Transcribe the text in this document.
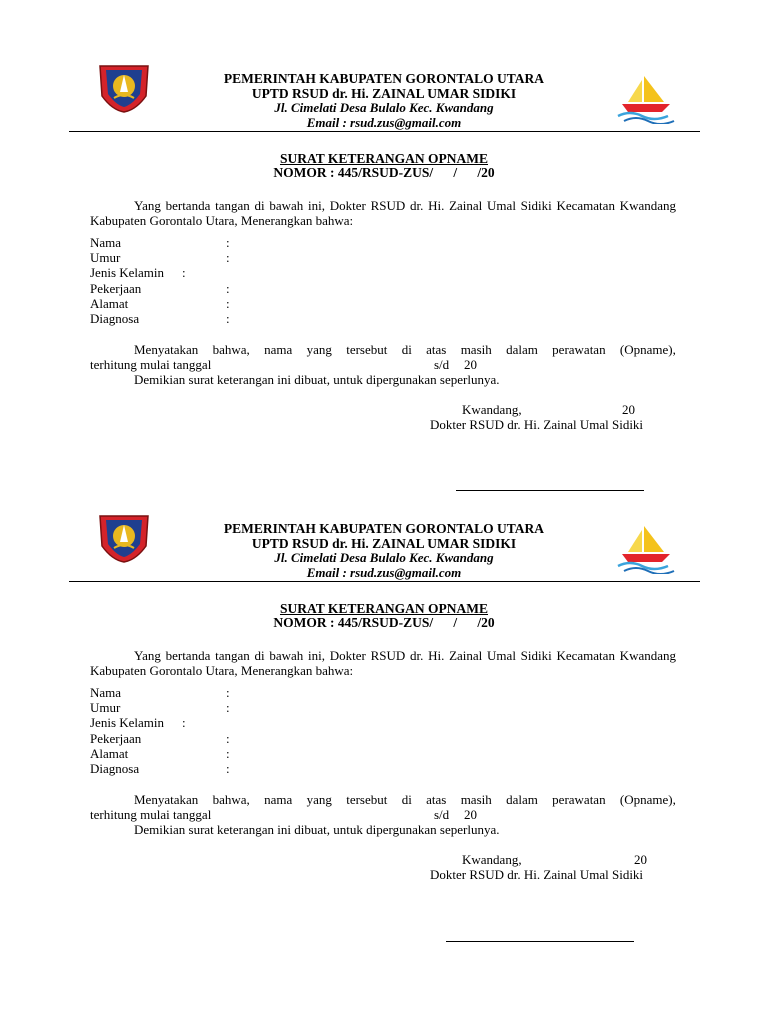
PEMERINTAH KABUPATEN GORONTALO UTARA
UPTD RSUD dr. Hi. ZAINAL UMAR SIDIKI
Jl. Cimelati Desa Bulalo Kec. Kwandang
Email : rsud.zus@gmail.com
SURAT KETERANGAN OPNAME
NOMOR : 445/RSUD-ZUS/      /      /20
Yang bertanda tangan di bawah ini, Dokter RSUD dr. Hi. Zainal Umal Sidiki Kecamatan Kwandang Kabupaten Gorontalo Utara, Menerangkan bahwa:
Nama	:
Umur	:
Jenis Kelamin :
Pekerjaan	:
Alamat	:
Diagnosa	:
Menyatakan bahwa, nama yang tersebut di atas masih dalam perawatan (Opname),
terhitung mulai tanggal	s/d 20
Demikian surat keterangan ini dibuat, untuk dipergunakan seperlunya.
Kwandang,	20
Dokter RSUD dr. Hi. Zainal Umal Sidiki
PEMERINTAH KABUPATEN GORONTALO UTARA
UPTD RSUD dr. Hi. ZAINAL UMAR SIDIKI
Jl. Cimelati Desa Bulalo Kec. Kwandang
Email : rsud.zus@gmail.com
SURAT KETERANGAN OPNAME
NOMOR : 445/RSUD-ZUS/      /      /20
Yang bertanda tangan di bawah ini, Dokter RSUD dr. Hi. Zainal Umal Sidiki Kecamatan Kwandang Kabupaten Gorontalo Utara, Menerangkan bahwa:
Nama	:
Umur	:
Jenis Kelamin :
Pekerjaan	:
Alamat	:
Diagnosa	:
Menyatakan bahwa, nama yang tersebut di atas masih dalam perawatan (Opname),
terhitung mulai tanggal	s/d 20
Demikian surat keterangan ini dibuat, untuk dipergunakan seperlunya.
Kwandang,	20
Dokter RSUD dr. Hi. Zainal Umal Sidiki
